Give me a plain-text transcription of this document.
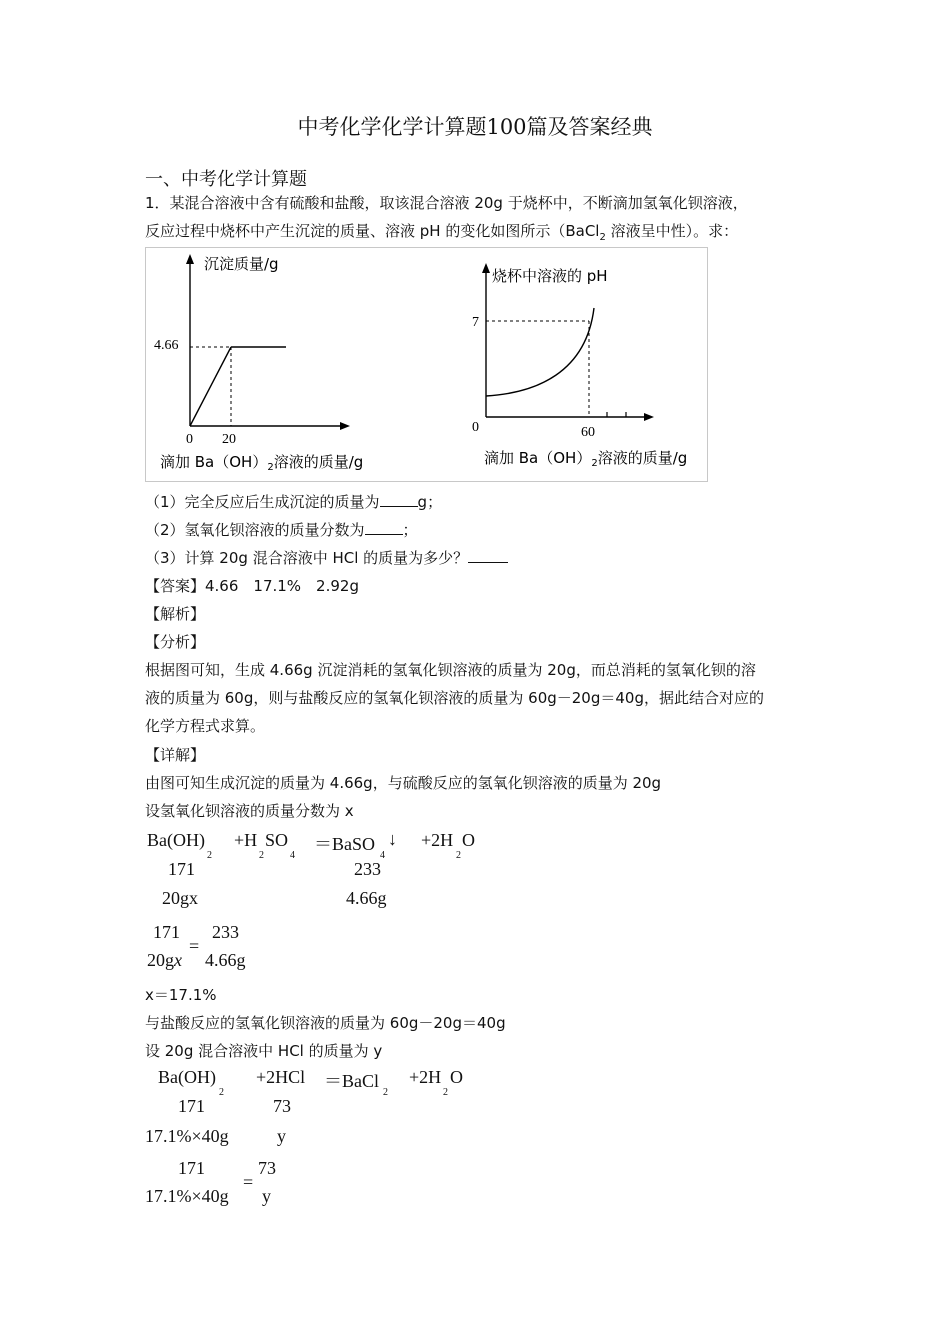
中考化学化学计算题100篇及答案经典
一、中考化学计算题
1．某混合溶液中含有硫酸和盐酸，取该混合溶液 20g 于烧杯中，不断滴加氢氧化钡溶液，
反应过程中烧杯中产生沉淀的质量、溶液 pH 的变化如图所示（BaCl$_2$ 溶液呈中性）。求：
沉淀质量/g
4.66
0 20
滴加 $Ba(OH)_2$溶液的质量/g
烧杯中溶液的 pH
7
0	60
滴加 $Ba(OH)_2$溶液的质量/g
（1）完全反应后生成沉淀的质量为	g；
（2）氢氧化钡溶液的质量分数为	；
（3）计算 20g 混合溶液中 HCl 的质量为多少？
【答案】4.66　17.1%　2.92g
【解析】
【分析】
根据图可知，生成 4.66g 沉淀消耗的氢氧化钡溶液的质量为 20g，而总消耗的氢氧化钡的溶
液的质量为 60g，则与盐酸反应的氢氧化钡溶液的质量为 60g－20g＝40g，据此结合对应的
化学方程式求算。
【详解】
由图可知生成沉淀的质量为 4.66g，与硫酸反应的氢氧化钡溶液的质量为 20g
设氢氧化钡溶液的质量分数为 x
Ba(OH)
2
+H
2
SO
4
＝BaSO
4
↓ +2H
2
O
171	233
20gx	4.66g
171
20gx
=
233
4.66g
x＝17.1%
与盐酸反应的氢氧化钡溶液的质量为 60g－20g＝40g
设 20g 混合溶液中 HCl 的质量为 y
Ba(OH)
2
+2HCl ＝BaCl
2
+2H
2
O
171	73
17.1%×40g	y
171
17.1%×40g
=
73
y
